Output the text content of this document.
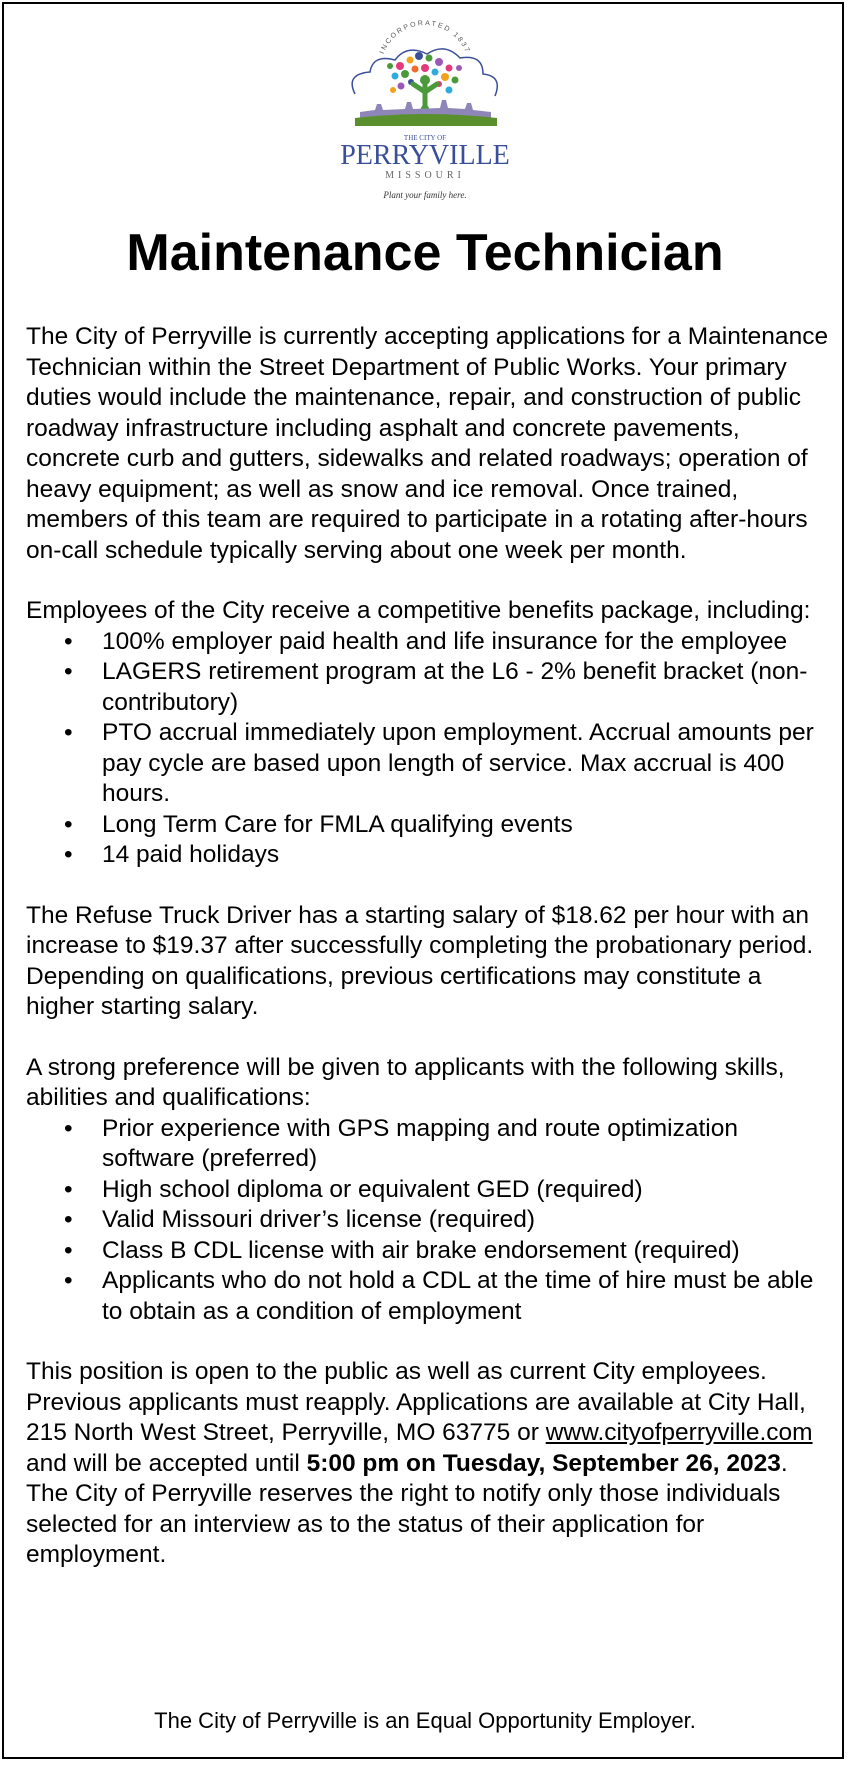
INCORPORATED 1837
THE CITY OF
PERRYVILLE
MISSOURI
Plant your family here.
Maintenance Technician

The City of Perryville is currently accepting applications for a Maintenance Technician within the Street Department of Public Works. Your primary duties would include the maintenance, repair, and construction of public roadway infrastructure including asphalt and concrete pavements, concrete curb and gutters, sidewalks and related roadways; operation of heavy equipment; as well as snow and ice removal. Once trained, members of this team are required to participate in a rotating after-hours on-call schedule typically serving about one week per month.

Employees of the City receive a competitive benefits package, including:

• 100% employer paid health and life insurance for the employee
• LAGERS retirement program at the L6 - 2% benefit bracket (non-contributory)
• PTO accrual immediately upon employment. Accrual amounts per pay cycle are based upon length of service. Max accrual is 400 hours.
• Long Term Care for FMLA qualifying events
• 14 paid holidays

The Refuse Truck Driver has a starting salary of $18.62 per hour with an increase to $19.37 after successfully completing the probationary period. Depending on qualifications, previous certifications may constitute a higher starting salary.

A strong preference will be given to applicants with the following skills, abilities and qualifications:

• Prior experience with GPS mapping and route optimization software (preferred)
• High school diploma or equivalent GED (required)
• Valid Missouri driver’s license (required)
• Class B CDL license with air brake endorsement (required)
• Applicants who do not hold a CDL at the time of hire must be able to obtain as a condition of employment

This position is open to the public as well as current City employees. Previous applicants must reapply. Applications are available at City Hall, 215 North West Street, Perryville, MO 63775 or www.cityofperryville.com and will be accepted until 5:00 pm on Tuesday, September 26, 2023. The City of Perryville reserves the right to notify only those individuals selected for an interview as to the status of their application for employment.

The City of Perryville is an Equal Opportunity Employer.
